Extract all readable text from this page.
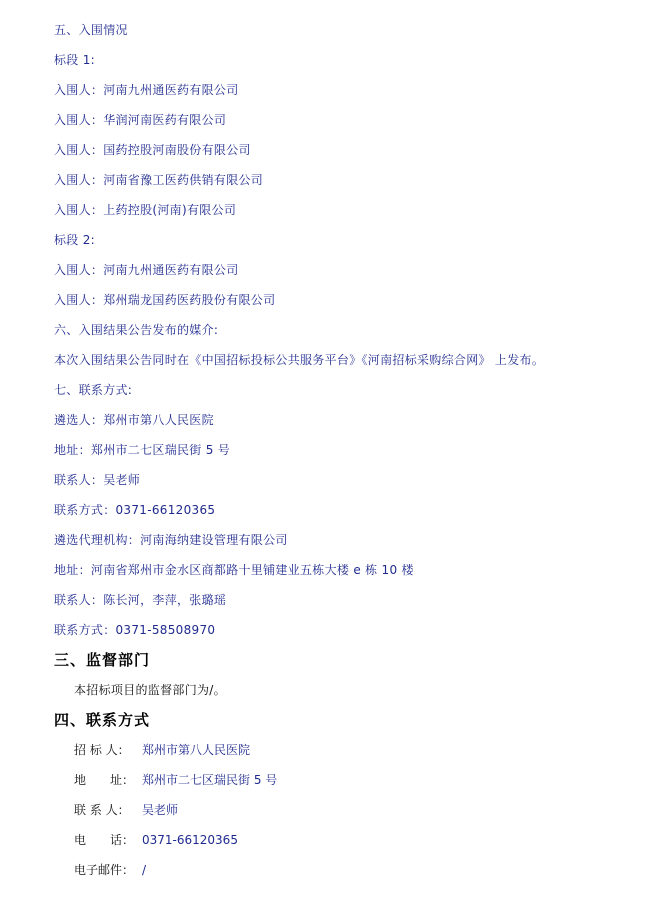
五、入围情况
标段 1:
入围人：河南九州通医药有限公司
入围人：华润河南医药有限公司
入围人：国药控股河南股份有限公司
入围人：河南省豫工医药供销有限公司
入围人：上药控股(河南)有限公司
标段 2:
入围人：河南九州通医药有限公司
入围人：郑州瑞龙国药医药股份有限公司
六、入围结果公告发布的媒介:
本次入围结果公告同时在《中国招标投标公共服务平台》《河南招标采购综合网》 上发布。
七、联系方式:
遴选人：郑州市第八人民医院
地址：郑州市二七区瑞民街 5 号
联系人：吴老师
联系方式：0371-66120365
遴选代理机构：河南海纳建设管理有限公司
地址：河南省郑州市金水区商都路十里铺建业五栋大楼 e 栋 10 楼
联系人：陈长河，李萍，张璐瑶
联系方式：0371-58508970
三、监督部门
本招标项目的监督部门为/。
四、联系方式
招 标 人： 郑州市第八人民医院
地　　址： 郑州市二七区瑞民街 5 号
联 系 人： 吴老师
电　　话： 0371-66120365
电子邮件： /
